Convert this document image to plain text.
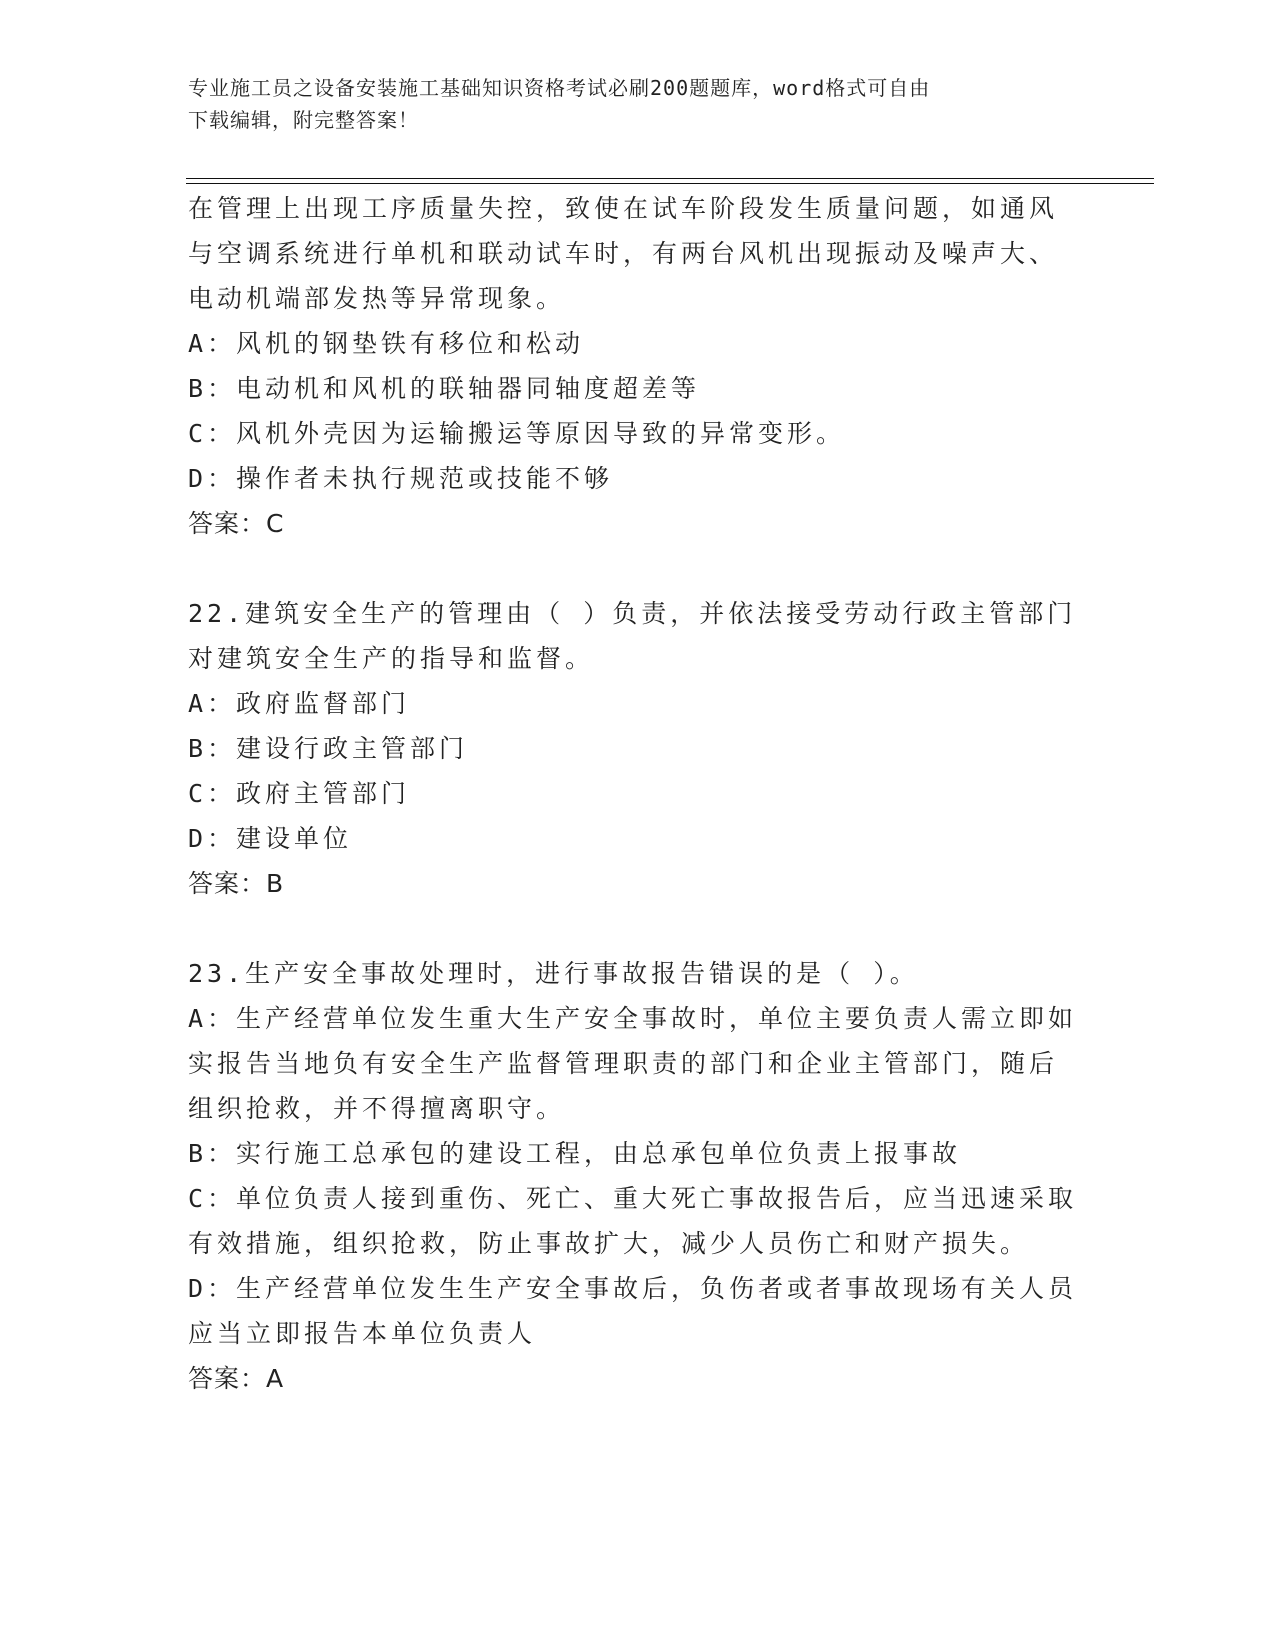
专业施工员之设备安装施工基础知识资格考试必刷200题题库，word格式可自由
下载编辑，附完整答案！
在管理上出现工序质量失控，致使在试车阶段发生质量问题，如通风
与空调系统进行单机和联动试车时，有两台风机出现振动及噪声大、
电动机端部发热等异常现象。
A：风机的钢垫铁有移位和松动
B：电动机和风机的联轴器同轴度超差等
C：风机外壳因为运输搬运等原因导致的异常变形。
D：操作者未执行规范或技能不够
答案：C
22.建筑安全生产的管理由（ ）负责，并依法接受劳动行政主管部门
对建筑安全生产的指导和监督。
A：政府监督部门
B：建设行政主管部门
C：政府主管部门
D：建设单位
答案：B
23.生产安全事故处理时，进行事故报告错误的是（ ）。
A：生产经营单位发生重大生产安全事故时，单位主要负责人需立即如
实报告当地负有安全生产监督管理职责的部门和企业主管部门，随后
组织抢救，并不得擅离职守。
B：实行施工总承包的建设工程，由总承包单位负责上报事故
C：单位负责人接到重伤、死亡、重大死亡事故报告后，应当迅速采取
有效措施，组织抢救，防止事故扩大，减少人员伤亡和财产损失。
D：生产经营单位发生生产安全事故后，负伤者或者事故现场有关人员
应当立即报告本单位负责人
答案：A
